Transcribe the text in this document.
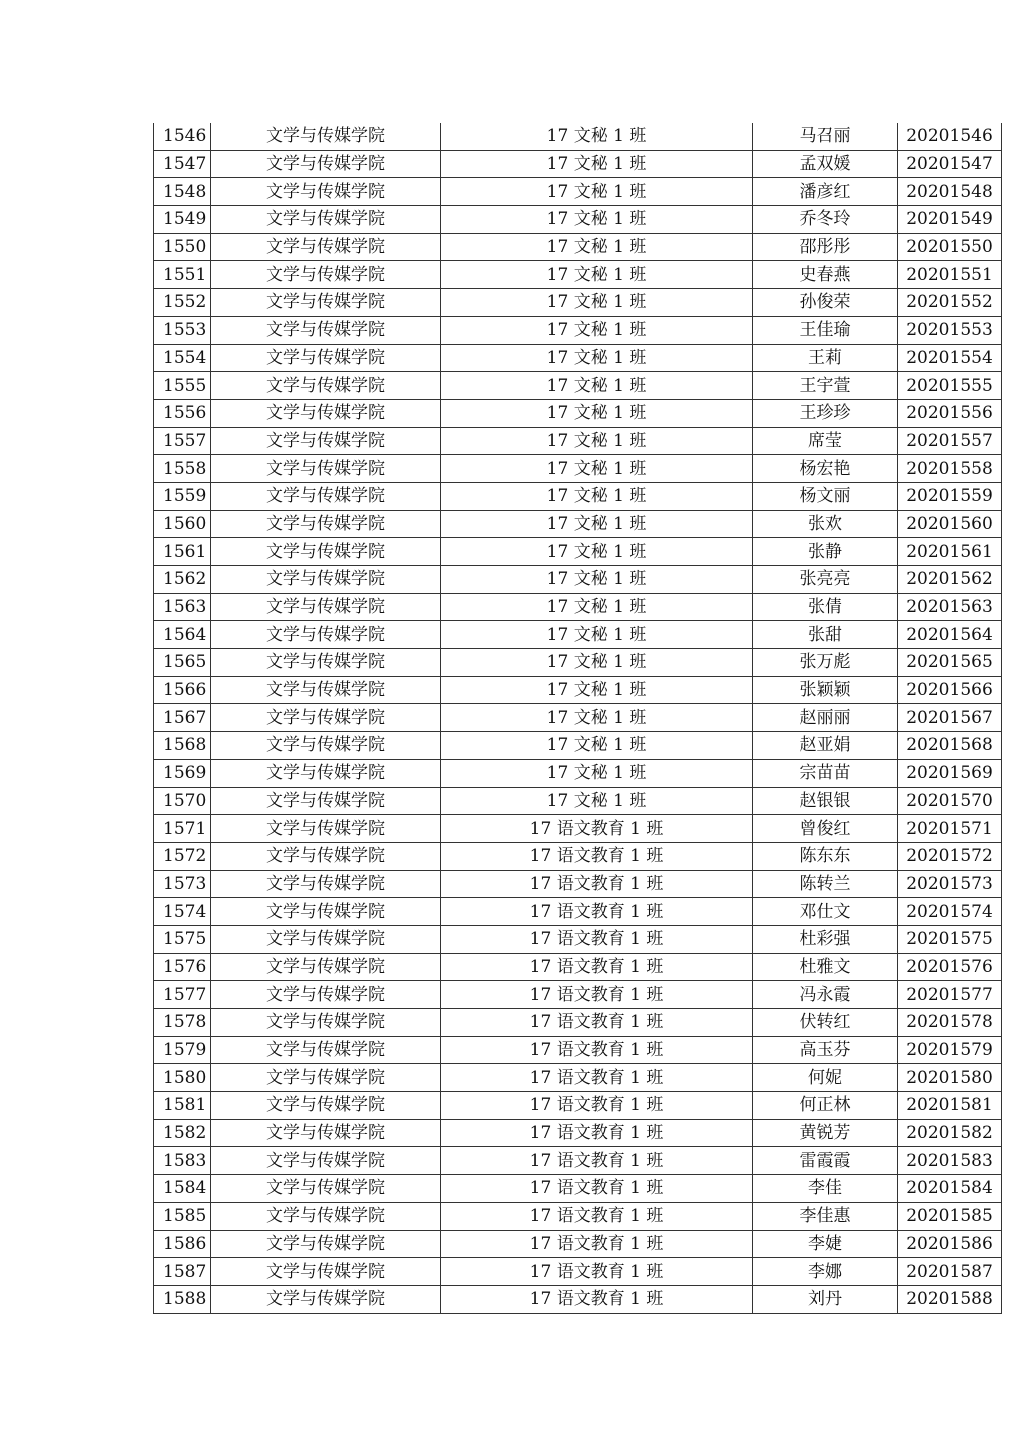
1546	文学与传媒学院	17 文秘 1 班	马召丽	20201546
1547	文学与传媒学院	17 文秘 1 班	孟双媛	20201547
1548	文学与传媒学院	17 文秘 1 班	潘彦红	20201548
1549	文学与传媒学院	17 文秘 1 班	乔冬玲	20201549
1550	文学与传媒学院	17 文秘 1 班	邵彤彤	20201550
1551	文学与传媒学院	17 文秘 1 班	史春燕	20201551
1552	文学与传媒学院	17 文秘 1 班	孙俊荣	20201552
1553	文学与传媒学院	17 文秘 1 班	王佳瑜	20201553
1554	文学与传媒学院	17 文秘 1 班	王莉	20201554
1555	文学与传媒学院	17 文秘 1 班	王宇萱	20201555
1556	文学与传媒学院	17 文秘 1 班	王珍珍	20201556
1557	文学与传媒学院	17 文秘 1 班	席莹	20201557
1558	文学与传媒学院	17 文秘 1 班	杨宏艳	20201558
1559	文学与传媒学院	17 文秘 1 班	杨文丽	20201559
1560	文学与传媒学院	17 文秘 1 班	张欢	20201560
1561	文学与传媒学院	17 文秘 1 班	张静	20201561
1562	文学与传媒学院	17 文秘 1 班	张亮亮	20201562
1563	文学与传媒学院	17 文秘 1 班	张倩	20201563
1564	文学与传媒学院	17 文秘 1 班	张甜	20201564
1565	文学与传媒学院	17 文秘 1 班	张万彪	20201565
1566	文学与传媒学院	17 文秘 1 班	张颖颖	20201566
1567	文学与传媒学院	17 文秘 1 班	赵丽丽	20201567
1568	文学与传媒学院	17 文秘 1 班	赵亚娟	20201568
1569	文学与传媒学院	17 文秘 1 班	宗苗苗	20201569
1570	文学与传媒学院	17 文秘 1 班	赵银银	20201570
1571	文学与传媒学院	17 语文教育 1 班	曾俊红	20201571
1572	文学与传媒学院	17 语文教育 1 班	陈东东	20201572
1573	文学与传媒学院	17 语文教育 1 班	陈转兰	20201573
1574	文学与传媒学院	17 语文教育 1 班	邓仕文	20201574
1575	文学与传媒学院	17 语文教育 1 班	杜彩强	20201575
1576	文学与传媒学院	17 语文教育 1 班	杜雅文	20201576
1577	文学与传媒学院	17 语文教育 1 班	冯永霞	20201577
1578	文学与传媒学院	17 语文教育 1 班	伏转红	20201578
1579	文学与传媒学院	17 语文教育 1 班	高玉芬	20201579
1580	文学与传媒学院	17 语文教育 1 班	何妮	20201580
1581	文学与传媒学院	17 语文教育 1 班	何正林	20201581
1582	文学与传媒学院	17 语文教育 1 班	黄锐芳	20201582
1583	文学与传媒学院	17 语文教育 1 班	雷霞霞	20201583
1584	文学与传媒学院	17 语文教育 1 班	李佳	20201584
1585	文学与传媒学院	17 语文教育 1 班	李佳惠	20201585
1586	文学与传媒学院	17 语文教育 1 班	李婕	20201586
1587	文学与传媒学院	17 语文教育 1 班	李娜	20201587
1588	文学与传媒学院	17 语文教育 1 班	刘丹	20201588
